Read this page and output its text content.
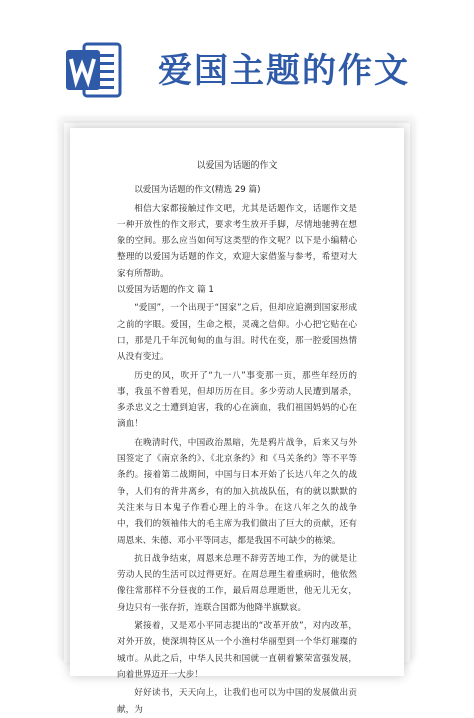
爱国主题的作文
以爱国为话题的作文

以爱国为话题的作文(精选 29 篇)

相信大家都接触过作文吧，尤其是话题作文，话题作文是一种开放性的作文形式，要求考生放开手脚，尽情地驰骋在想象的空间。那么应当如何写这类型的作文呢？以下是小编精心整理的以爱国为话题的作文，欢迎大家借鉴与参考，希望对大家有所帮助。

以爱国为话题的作文 篇 1

“爱国”，一个出现于“国家”之后，但却应追溯到国家形成之前的字眼。爱国，生命之根，灵魂之信仰。小心把它贴在心口，那是几千年沉甸甸的血与泪。时代在变，那一腔爱国热情从没有变过。

历史的风，吹开了“九一八”事变那一页，那些年经历的事，我虽不曾看见，但却历历在目。多少劳动人民遭到屠杀，多杀忠义之士遭到迫害，我的心在滴血，我们祖国妈妈的心在滴血！

在晚清时代，中国政治黑暗，先是鸦片战争，后来又与外国签定了《南京条约》、《北京条约》和《马关条约》等不平等条约。接着第二战期间，中国与日本开始了长达八年之久的战争，人们有的背井离乡，有的加入抗战队伍，有的就以默默的关注来与日本鬼子作看心理上的斗争。在这八年之久的战争中，我们的领袖伟大的毛主席为我们做出了巨大的贡献，还有周恩来、朱德、邓小平等同志，都是我国不可缺少的栋梁。

抗日战争结束，周恩来总理不辞劳苦地工作，为的就是让劳动人民的生活可以过得更好。在周总理生着重病时，他依然像往常那样不分昼夜的工作，最后周总理逝世，他无儿无女，身边只有一张存折，连联合国都为他降半旗默哀。

紧接着，又是邓小平同志提出的“改革开放”，对内改革，对外开放，使深圳特区从一个小渔村华丽型到一个华灯璀璨的城市。从此之后，中华人民共和国就一直朝着繁荣富强发展，向着世界迈开一大步！

好好读书，天天向上，让我们也可以为中国的发展做出贡献，为
